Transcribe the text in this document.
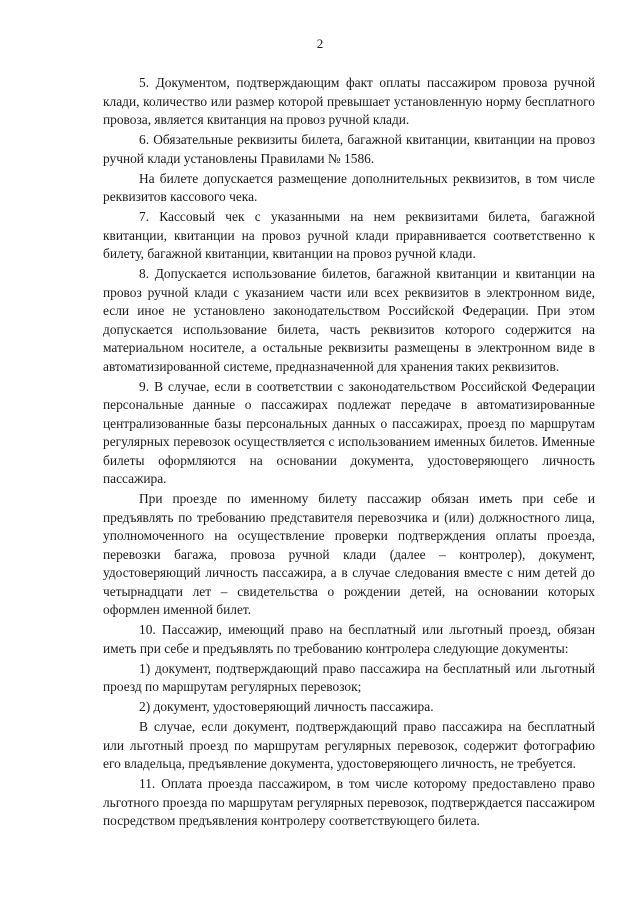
2

5. Документом, подтверждающим факт оплаты пассажиром провоза ручной клади, количество или размер которой превышает установленную норму бесплатного провоза, является квитанция на провоз ручной клади.

6. Обязательные реквизиты билета, багажной квитанции, квитанции на провоз ручной клади установлены Правилами № 1586.

На билете допускается размещение дополнительных реквизитов, в том числе реквизитов кассового чека.

7. Кассовый чек с указанными на нем реквизитами билета, багажной квитанции, квитанции на провоз ручной клади приравнивается соответственно к билету, багажной квитанции, квитанции на провоз ручной клади.

8. Допускается использование билетов, багажной квитанции и квитанции на провоз ручной клади с указанием части или всех реквизитов в электронном виде, если иное не установлено законодательством Российской Федерации. При этом допускается использование билета, часть реквизитов которого содержится на материальном носителе, а остальные реквизиты размещены в электронном виде в автоматизированной системе, предназначенной для хранения таких реквизитов.

9. В случае, если в соответствии с законодательством Российской Федерации персональные данные о пассажирах подлежат передаче в автоматизированные централизованные базы персональных данных о пассажирах, проезд по маршрутам регулярных перевозок осуществляется с использованием именных билетов. Именные билеты оформляются на основании документа, удостоверяющего личность пассажира.

При проезде по именному билету пассажир обязан иметь при себе и предъявлять по требованию представителя перевозчика и (или) должностного лица, уполномоченного на осуществление проверки подтверждения оплаты проезда, перевозки багажа, провоза ручной клади (далее – контролер), документ, удостоверяющий личность пассажира, а в случае следования вместе с ним детей до четырнадцати лет – свидетельства о рождении детей, на основании которых оформлен именной билет.

10. Пассажир, имеющий право на бесплатный или льготный проезд, обязан иметь при себе и предъявлять по требованию контролера следующие документы:

1) документ, подтверждающий право пассажира на бесплатный или льготный проезд по маршрутам регулярных перевозок;

2) документ, удостоверяющий личность пассажира.

В случае, если документ, подтверждающий право пассажира на бесплатный или льготный проезд по маршрутам регулярных перевозок, содержит фотографию его владельца, предъявление документа, удостоверяющего личность, не требуется.

11. Оплата проезда пассажиром, в том числе которому предоставлено право льготного проезда по маршрутам регулярных перевозок, подтверждается пассажиром посредством предъявления контролеру соответствующего билета.
